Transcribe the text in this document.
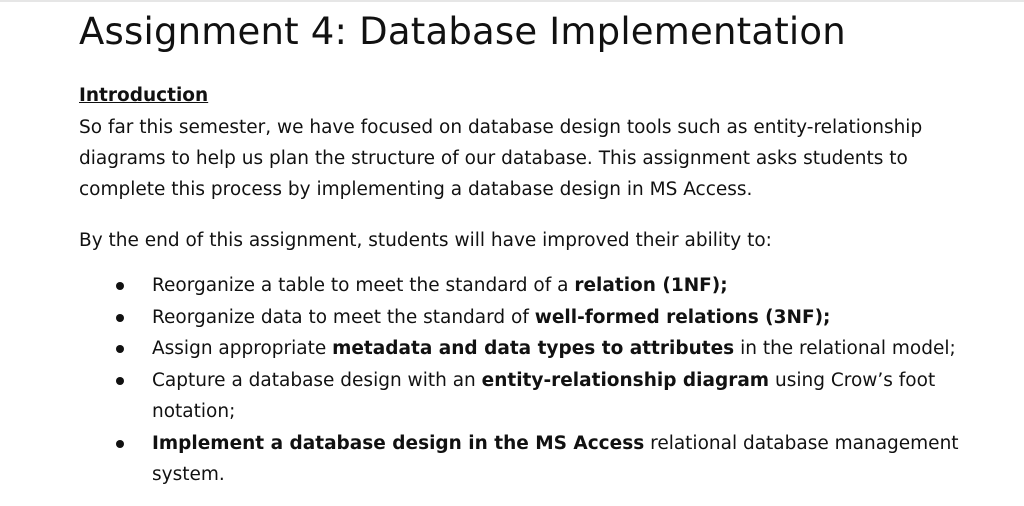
Assignment 4: Database Implementation
Introduction

So far this semester, we have focused on database design tools such as entity-relationship
diagrams to help us plan the structure of our database. This assignment asks students to
complete this process by implementing a database design in MS Access.

By the end of this assignment, students will have improved their ability to:

Reorganize a table to meet the standard of a relation (1NF);
Reorganize data to meet the standard of well-formed relations (3NF);
Assign appropriate metadata and data types to attributes in the relational model;
Capture a database design with an entity-relationship diagram using Crow’s foot
notation;
Implement a database design in the MS Access relational database management
system.
